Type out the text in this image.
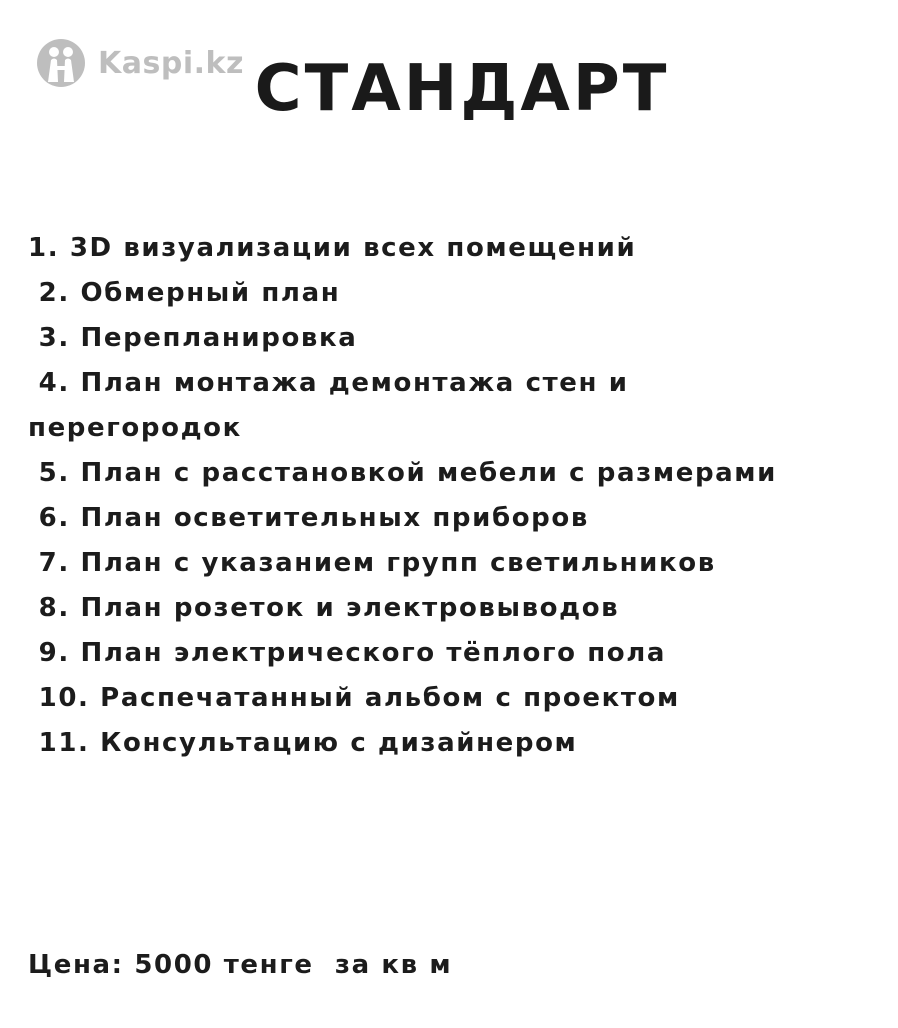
Kaspi.kz СТАНДАРТ
1. 3D визуализации всех помещений
2. Обмерный план
3. Перепланировка
4. План монтажа демонтажа стен и
перегородок
5. План с расстановкой мебели с размерами
6. План осветительных приборов
7. План с указанием групп светильников
8. План розеток и электровыводов
9. План электрического тёплого пола
10. Распечатанный альбом с проектом
11. Консультацию с дизайнером
Цена: 5000 тенге  за кв м
